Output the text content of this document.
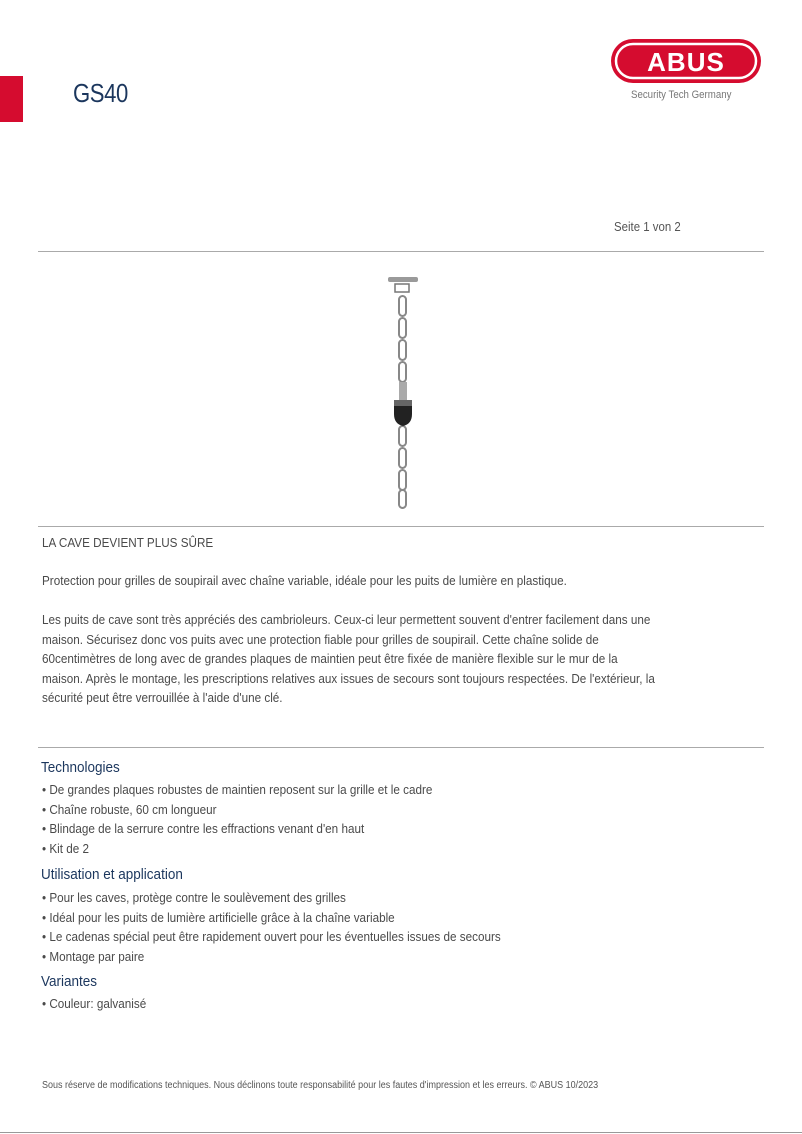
GS40
ABUS
Security Tech Germany
Seite 1 von 2
LA CAVE DEVIENT PLUS SÛRE
Protection pour grilles de soupirail avec chaîne variable, idéale pour les puits de lumière en plastique.
Les puits de cave sont très appréciés des cambrioleurs. Ceux-ci leur permettent souvent d'entrer facilement dans une
maison. Sécurisez donc vos puits avec une protection fiable pour grilles de soupirail. Cette chaîne solide de
60centimètres de long avec de grandes plaques de maintien peut être fixée de manière flexible sur le mur de la
maison. Après le montage, les prescriptions relatives aux issues de secours sont toujours respectées. De l'extérieur, la
sécurité peut être verrouillée à l'aide d'une clé.
Technologies
• De grandes plaques robustes de maintien reposent sur la grille et le cadre
• Chaîne robuste, 60 cm longueur
• Blindage de la serrure contre les effractions venant d'en haut
• Kit de 2
Utilisation et application
• Pour les caves, protège contre le soulèvement des grilles
• Idéal pour les puits de lumière artificielle grâce à la chaîne variable
• Le cadenas spécial peut être rapidement ouvert pour les éventuelles issues de secours
• Montage par paire
Variantes
• Couleur: galvanisé
Sous réserve de modifications techniques. Nous déclinons toute responsabilité pour les fautes d'impression et les erreurs. © ABUS 10/2023
